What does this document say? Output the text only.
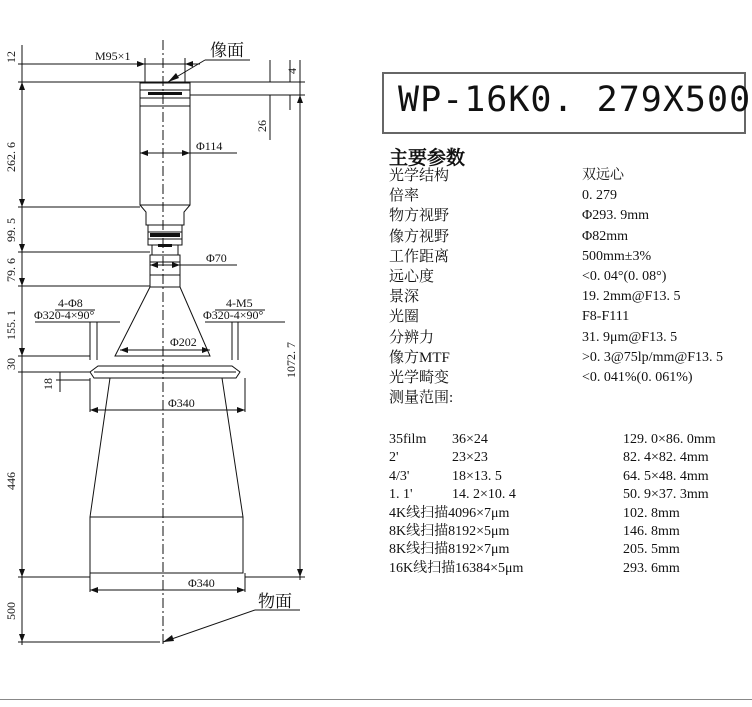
M95×1	像面
物面
Φ114
Φ70
Φ202
Φ340
Φ340
4-Φ8
Φ320-4×90°
4-M5
Φ320-4×90°
12
262. 6
99. 5
79. 6
155. 1
30
18
446
500
1072. 7
26
4
WP-16K0. 279X500
主要参数
光学结构	双远心
倍率	0. 279
物方视野	Φ293. 9mm
像方视野	Φ82mm
工作距离	500mm±3%
远心度	<0. 04°(0. 08°)
景深	19. 2mm@F13. 5
光圈	F8-F111
分辨力	31. 9μm@F13. 5
像方MTF	>0. 3@75lp/mm@F13. 5
光学畸变	<0. 041%(0. 061%)
测量范围:
35film 36×24	129. 0×86. 0mm
2'	23×23	82. 4×82. 4mm
4/3'	18×13. 5	64. 5×48. 4mm
1. 1'	14. 2×10. 4	50. 9×37. 3mm
4K线扫描4096×7μm	102. 8mm
8K线扫描8192×5μm	146. 8mm
8K线扫描8192×7μm	205. 5mm
16K线扫描16384×5μm	293. 6mm
